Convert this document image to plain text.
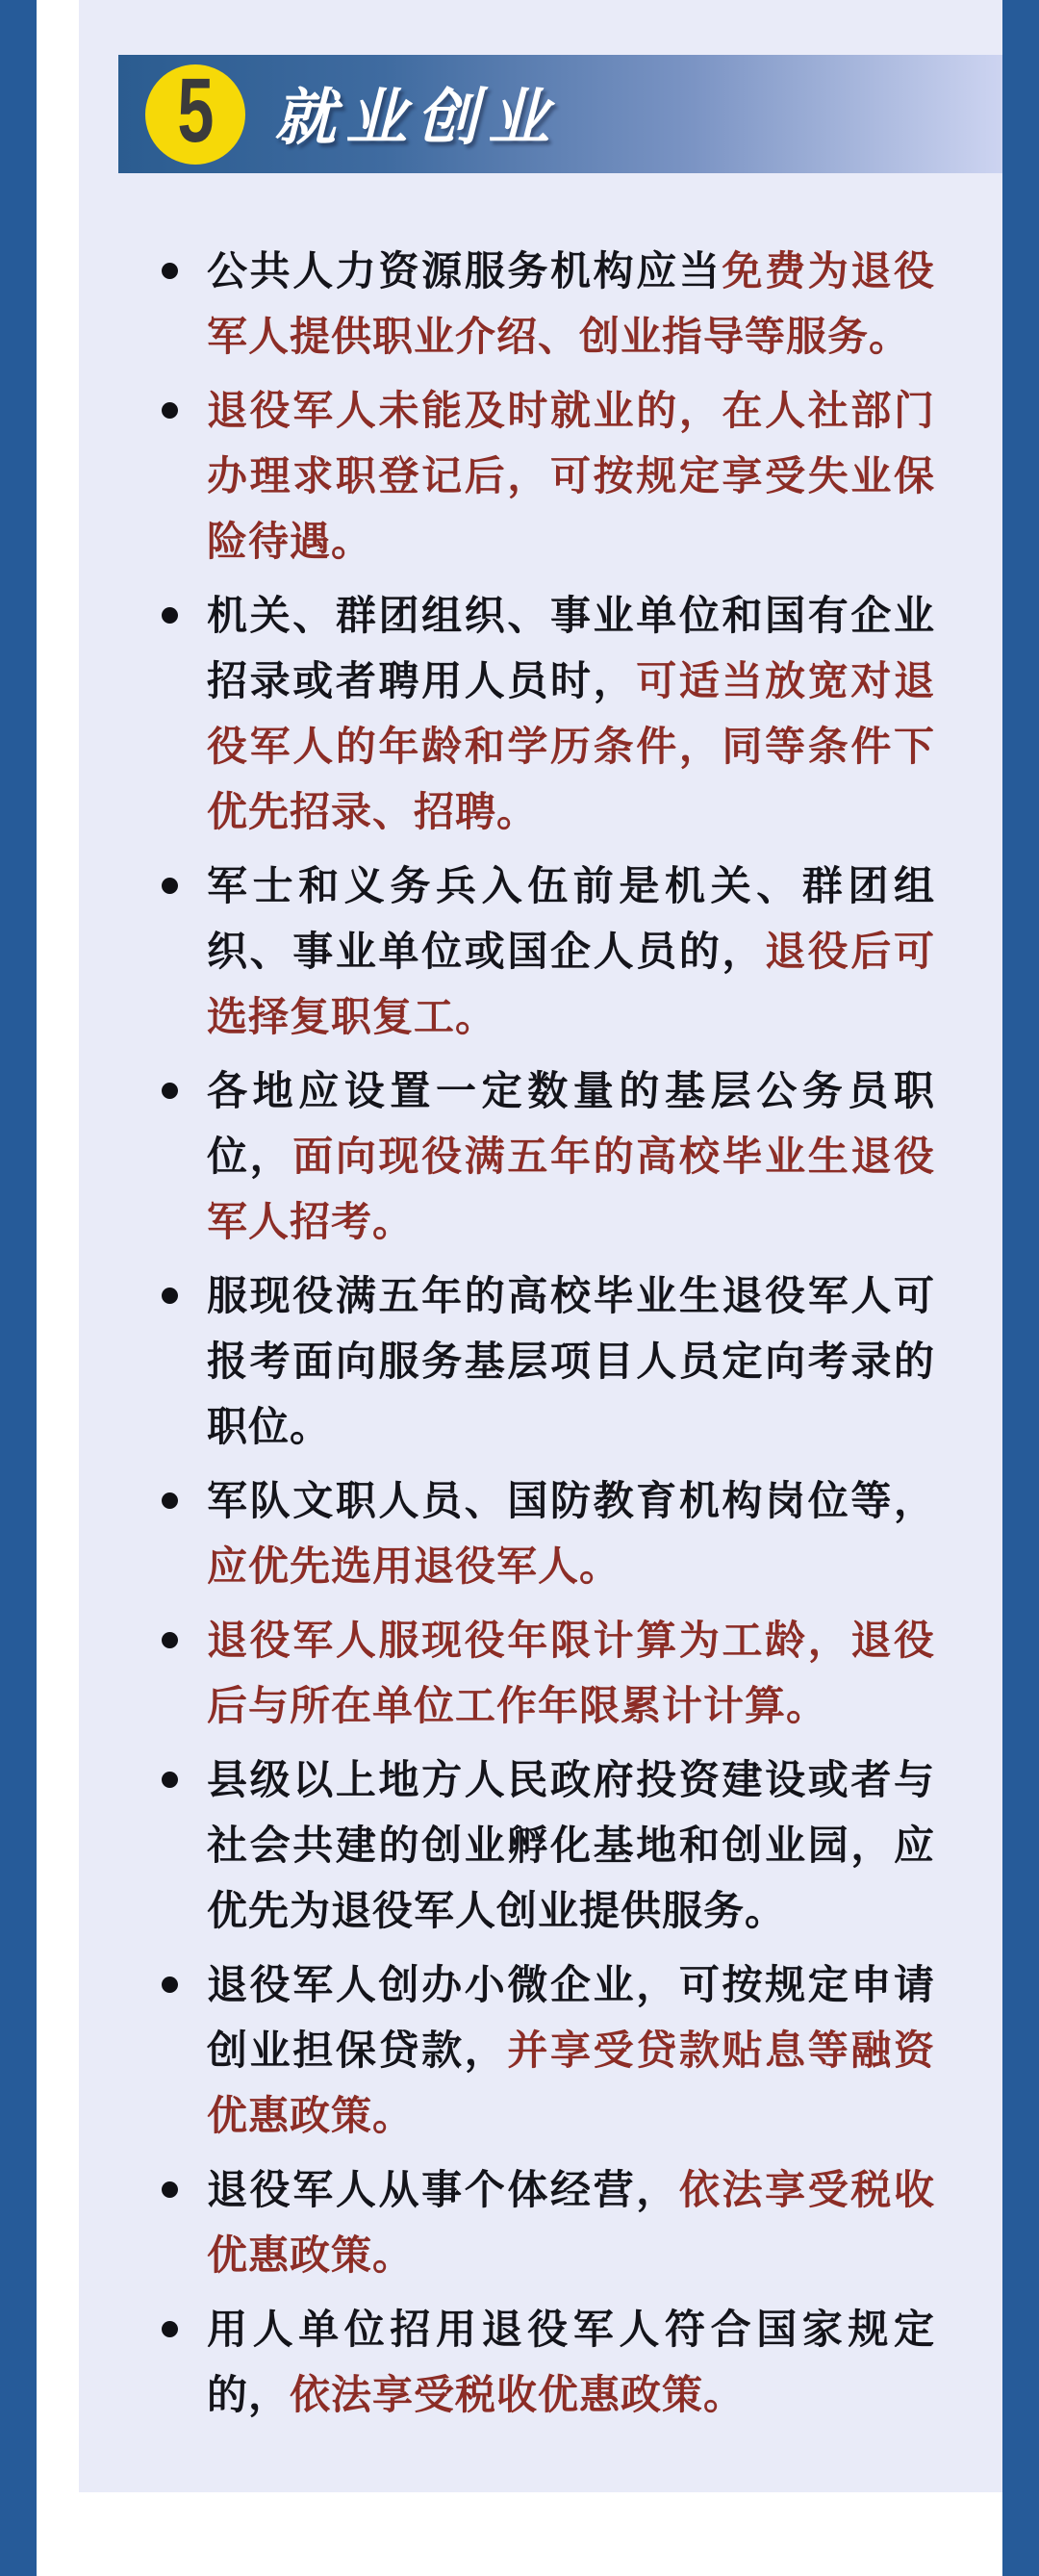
5 就业创业
公共人力资源服务机构应当免费为退役军人提供职业介绍、创业指导等服务。
退役军人未能及时就业的，在人社部门办理求职登记后，可按规定享受失业保险待遇。
机关、群团组织、事业单位和国有企业招录或者聘用人员时，可适当放宽对退役军人的年龄和学历条件，同等条件下优先招录、招聘。
军士和义务兵入伍前是机关、群团组织、事业单位或国企人员的，退役后可选择复职复工。
各地应设置一定数量的基层公务员职位，面向现役满五年的高校毕业生退役军人招考。
服现役满五年的高校毕业生退役军人可报考面向服务基层项目人员定向考录的职位。
军队文职人员、国防教育机构岗位等，应优先选用退役军人。
退役军人服现役年限计算为工龄，退役后与所在单位工作年限累计计算。
县级以上地方人民政府投资建设或者与社会共建的创业孵化基地和创业园，应优先为退役军人创业提供服务。
退役军人创办小微企业，可按规定申请创业担保贷款，并享受贷款贴息等融资优惠政策。
退役军人从事个体经营，依法享受税收优惠政策。
用人单位招用退役军人符合国家规定的，依法享受税收优惠政策。
